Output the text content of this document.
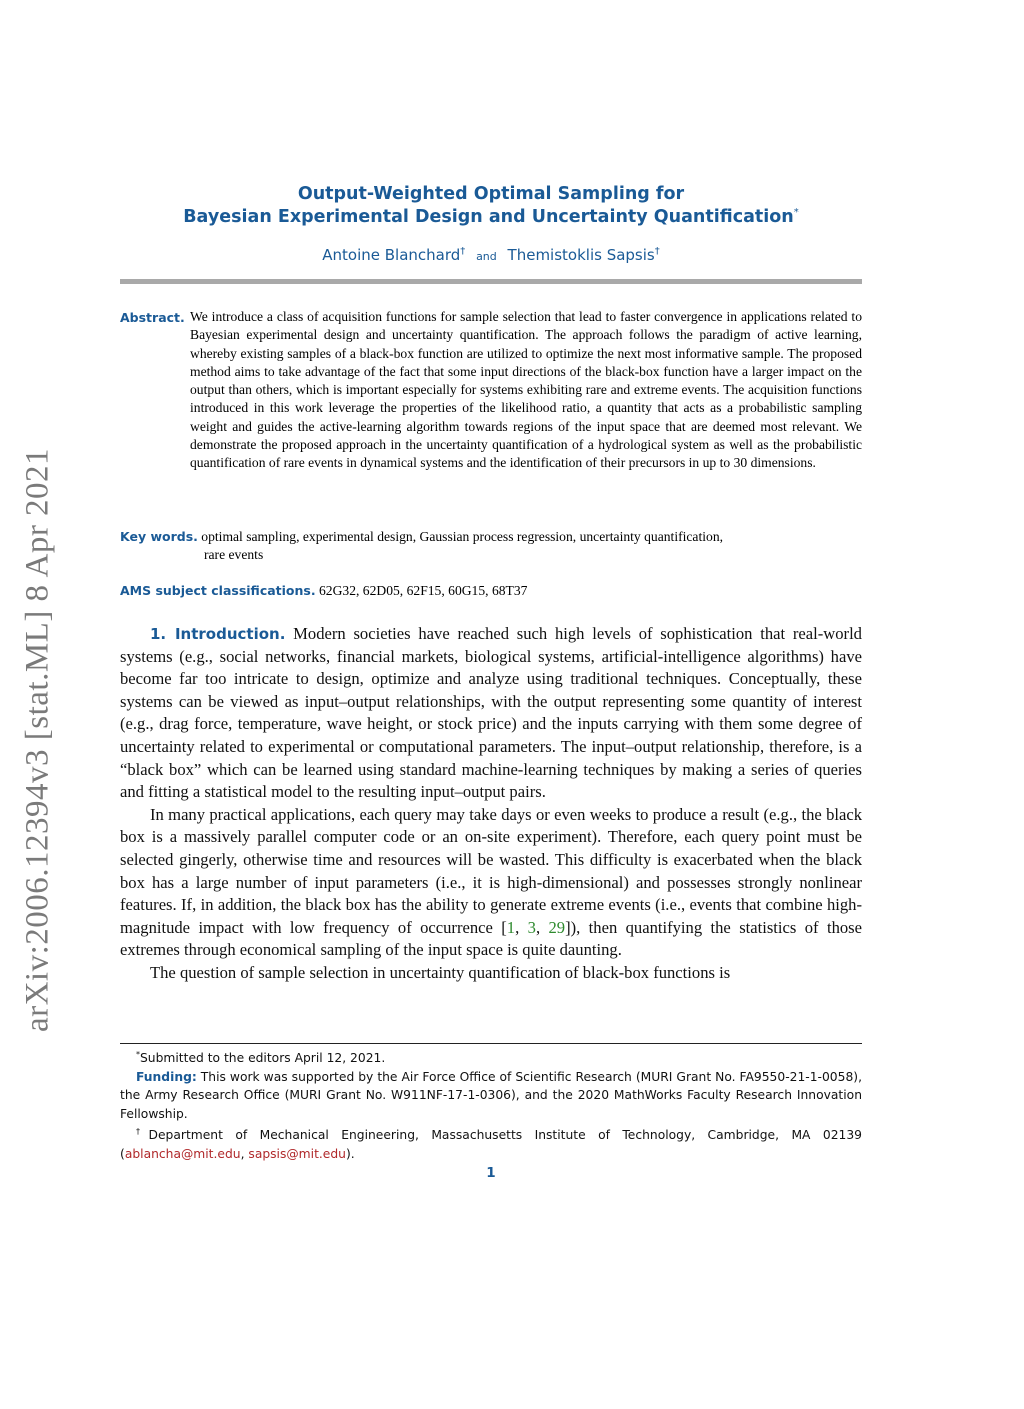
arXiv:2006.12394v3 [stat.ML] 8 Apr 2021
Output-Weighted Optimal Sampling for
Bayesian Experimental Design and Uncertainty Quantification*
Antoine Blanchard† and Themistoklis Sapsis†
Abstract. We introduce a class of acquisition functions for sample selection that lead to faster convergence in applications related to Bayesian experimental design and uncertainty quantification. The approach follows the paradigm of active learning, whereby existing samples of a black-box function are utilized to optimize the next most informative sample. The proposed method aims to take advantage of the fact that some input directions of the black-box function have a larger impact on the output than others, which is important especially for systems exhibiting rare and extreme events. The acquisition functions introduced in this work leverage the properties of the likelihood ratio, a quantity that acts as a probabilistic sampling weight and guides the active-learning algorithm towards regions of the input space that are deemed most relevant. We demonstrate the proposed approach in the uncertainty quantification of a hydrological system as well as the probabilistic quantification of rare events in dynamical systems and the identification of their precursors in up to 30 dimensions.
Key words. optimal sampling, experimental design, Gaussian process regression, uncertainty quantification,
rare events
AMS subject classifications. 62G32, 62D05, 62F15, 60G15, 68T37

1. Introduction. Modern societies have reached such high levels of sophistication that real-world systems (e.g., social networks, financial markets, biological systems, artificial-intelligence algorithms) have become far too intricate to design, optimize and analyze using traditional techniques. Conceptually, these systems can be viewed as input–output relationships, with the output representing some quantity of interest (e.g., drag force, temperature, wave height, or stock price) and the inputs carrying with them some degree of uncertainty related to experimental or computational parameters. The input–output relationship, therefore, is a “black box” which can be learned using standard machine-learning techniques by making a series of queries and fitting a statistical model to the resulting input–output pairs.

In many practical applications, each query may take days or even weeks to produce a result (e.g., the black box is a massively parallel computer code or an on-site experiment). Therefore, each query point must be selected gingerly, otherwise time and resources will be wasted. This difficulty is exacerbated when the black box has a large number of input parameters (i.e., it is high-dimensional) and possesses strongly nonlinear features. If, in addition, the black box has the ability to generate extreme events (i.e., events that combine high-magnitude impact with low frequency of occurrence [1, 3, 29]), then quantifying the statistics of those extremes through economical sampling of the input space is quite daunting.

The question of sample selection in uncertainty quantification of black-box functions is

*Submitted to the editors April 12, 2021.

Funding: This work was supported by the Air Force Office of Scientific Research (MURI Grant No. FA9550-21-1-0058), the Army Research Office (MURI Grant No. W911NF-17-1-0306), and the 2020 MathWorks Faculty Research Innovation Fellowship.

†Department of Mechanical Engineering, Massachusetts Institute of Technology, Cambridge, MA 02139 (ablancha@mit.edu, sapsis@mit.edu).

1
